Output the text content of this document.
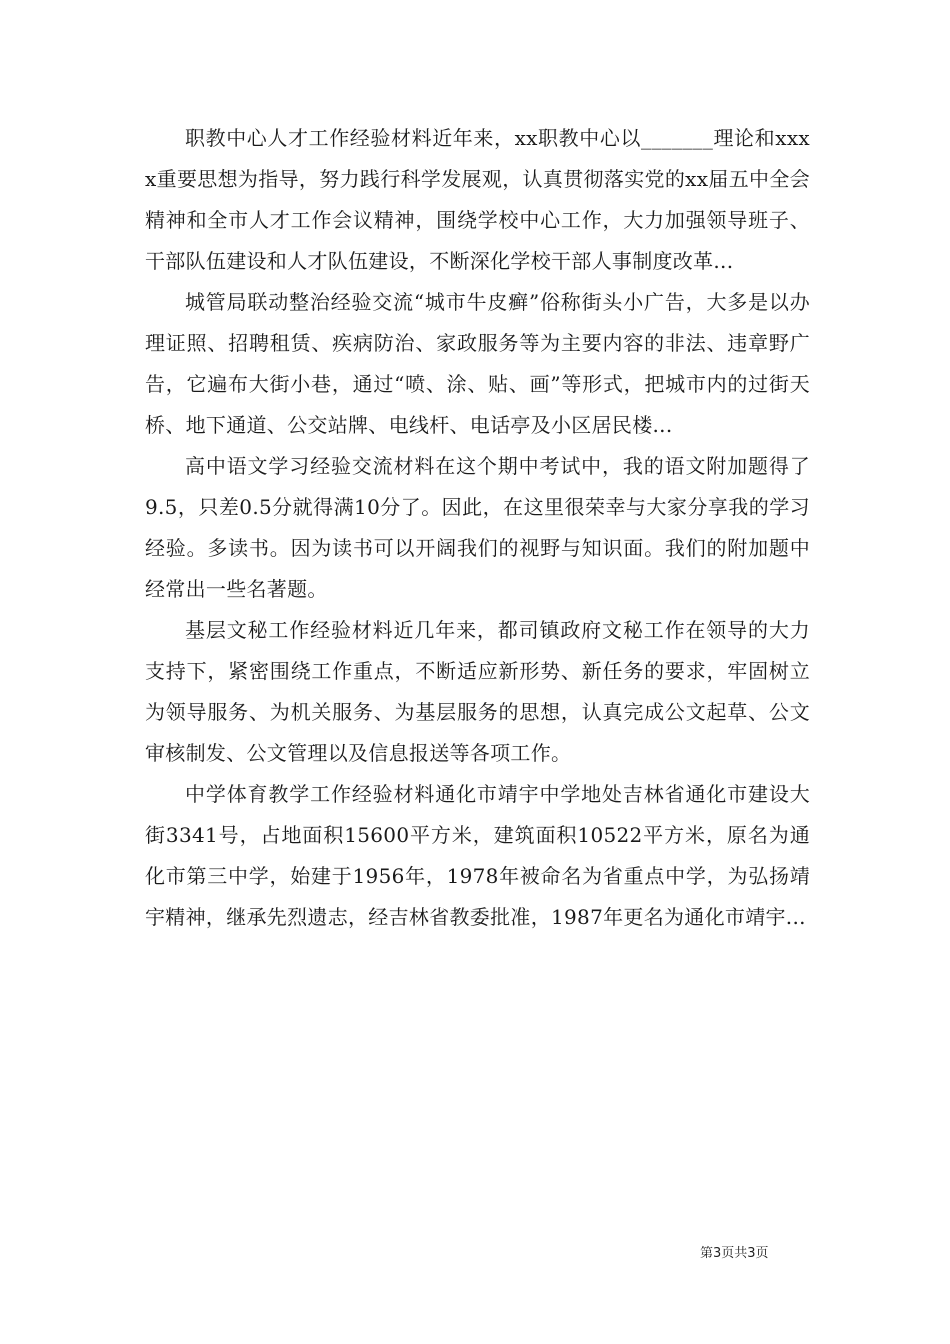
职教中心人才工作经验材料近年来，xx职教中心以_______理论和xxxx重要思想为指导，努力践行科学发展观，认真贯彻落实党的xx届五中全会精神和全市人才工作会议精神，围绕学校中心工作，大力加强领导班子、干部队伍建设和人才队伍建设，不断深化学校干部人事制度改革...

城管局联动整治经验交流“城市牛皮癣”俗称街头小广告，大多是以办理证照、招聘租赁、疾病防治、家政服务等为主要内容的非法、违章野广告，它遍布大街小巷，通过“喷、涂、贴、画”等形式，把城市内的过街天桥、地下通道、公交站牌、电线杆、电话亭及小区居民楼...

高中语文学习经验交流材料在这个期中考试中，我的语文附加题得了9.5，只差0.5分就得满10分了。因此，在这里很荣幸与大家分享我的学习经验。多读书。因为读书可以开阔我们的视野与知识面。我们的附加题中经常出一些名著题。

基层文秘工作经验材料近几年来，都司镇政府文秘工作在领导的大力支持下，紧密围绕工作重点，不断适应新形势、新任务的要求，牢固树立为领导服务、为机关服务、为基层服务的思想，认真完成公文起草、公文审核制发、公文管理以及信息报送等各项工作。

中学体育教学工作经验材料通化市靖宇中学地处吉林省通化市建设大街3341号，占地面积15600平方米，建筑面积10522平方米，原名为通化市第三中学，始建于1956年，1978年被命名为省重点中学，为弘扬靖宇精神，继承先烈遗志，经吉林省教委批准，1987年更名为通化市靖宇...

第3页共3页
